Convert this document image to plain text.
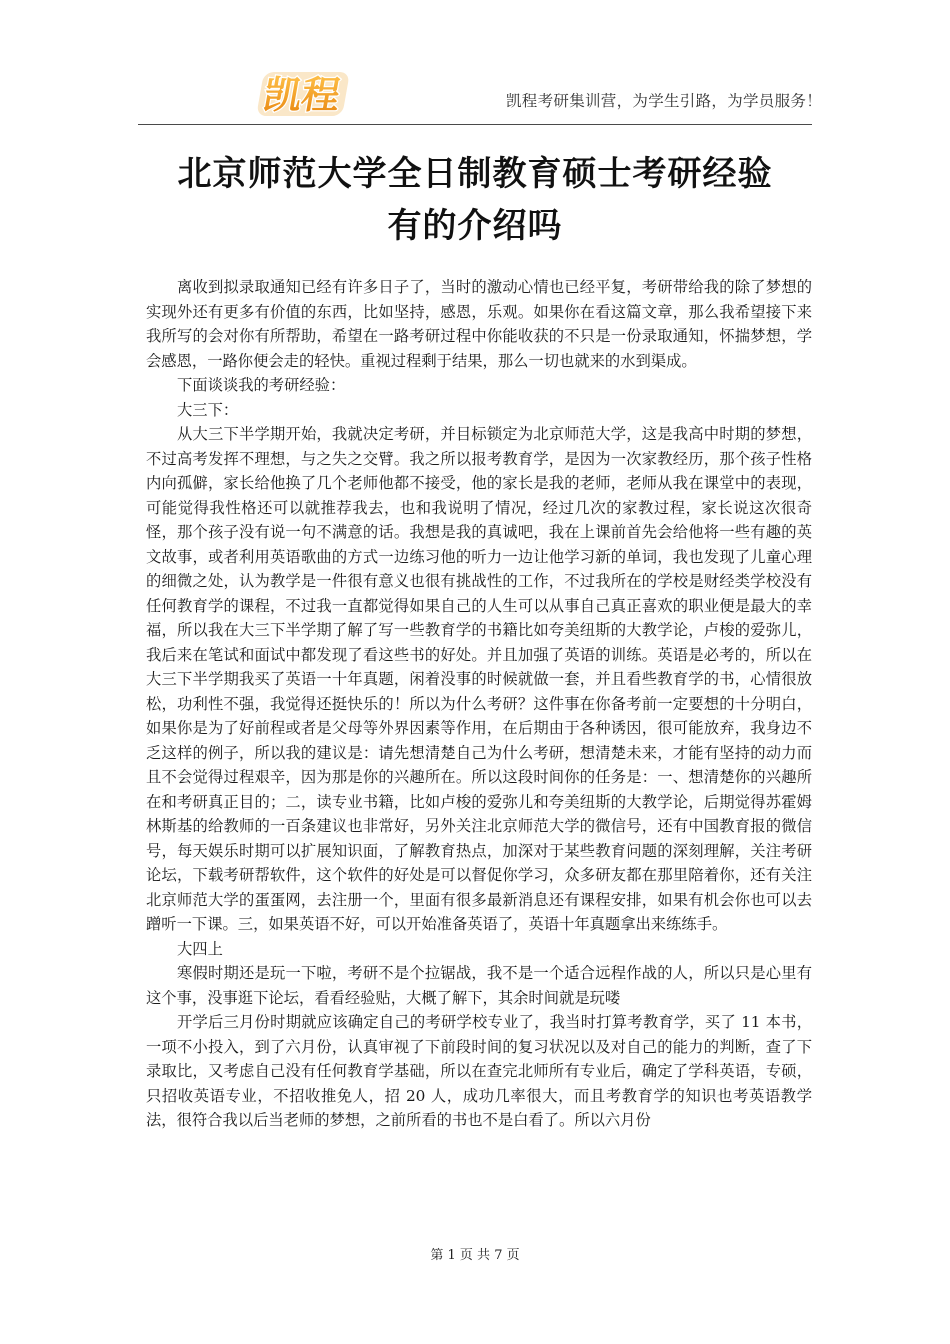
凯程	凯程考研集训营，为学生引路，为学员服务！
北京师范大学全日制教育硕士考研经验
有的介绍吗

离收到拟录取通知已经有许多日子了，当时的激动心情也已经平复，考研带给我的除了梦想的实现外还有更多有价值的东西，比如坚持，感恩，乐观。如果你在看这篇文章，那么我希望接下来我所写的会对你有所帮助，希望在一路考研过程中你能收获的不只是一份录取通知，怀揣梦想，学会感恩，一路你便会走的轻快。重视过程剩于结果，那么一切也就来的水到渠成。

下面谈谈我的考研经验：

大三下：

从大三下半学期开始，我就决定考研，并目标锁定为北京师范大学，这是我高中时期的梦想，不过高考发挥不理想，与之失之交臂。我之所以报考教育学，是因为一次家教经历，那个孩子性格内向孤僻，家长给他换了几个老师他都不接受，他的家长是我的老师，老师从我在课堂中的表现，可能觉得我性格还可以就推荐我去，也和我说明了情况，经过几次的家教过程，家长说这次很奇怪，那个孩子没有说一句不满意的话。我想是我的真诚吧，我在上课前首先会给他将一些有趣的英文故事，或者利用英语歌曲的方式一边练习他的听力一边让他学习新的单词，我也发现了儿童心理的细微之处，认为教学是一件很有意义也很有挑战性的工作，不过我所在的学校是财经类学校没有任何教育学的课程，不过我一直都觉得如果自己的人生可以从事自己真正喜欢的职业便是最大的幸福，所以我在大三下半学期了解了写一些教育学的书籍比如夸美纽斯的大教学论，卢梭的爱弥儿，我后来在笔试和面试中都发现了看这些书的好处。并且加强了英语的训练。英语是必考的，所以在大三下半学期我买了英语一十年真题，闲着没事的时候就做一套，并且看些教育学的书，心情很放松，功利性不强，我觉得还挺快乐的！所以为什么考研？这件事在你备考前一定要想的十分明白，如果你是为了好前程或者是父母等外界因素等作用，在后期由于各种诱因，很可能放弃，我身边不乏这样的例子，所以我的建议是：请先想清楚自己为什么考研，想清楚未来，才能有坚持的动力而且不会觉得过程艰辛，因为那是你的兴趣所在。所以这段时间你的任务是：一、想清楚你的兴趣所在和考研真正目的；二，读专业书籍，比如卢梭的爱弥儿和夸美纽斯的大教学论，后期觉得苏霍姆林斯基的给教师的一百条建议也非常好，另外关注北京师范大学的微信号，还有中国教育报的微信号，每天娱乐时期可以扩展知识面，了解教育热点，加深对于某些教育问题的深刻理解，关注考研论坛，下载考研帮软件，这个软件的好处是可以督促你学习，众多研友都在那里陪着你，还有关注北京师范大学的蛋蛋网，去注册一个，里面有很多最新消息还有课程安排，如果有机会你也可以去蹭听一下课。三，如果英语不好，可以开始准备英语了，英语十年真题拿出来练练手。

大四上

寒假时期还是玩一下啦，考研不是个拉锯战，我不是一个适合远程作战的人，所以只是心里有这个事，没事逛下论坛，看看经验贴，大概了解下，其余时间就是玩喽

开学后三月份时期就应该确定自己的考研学校专业了，我当时打算考教育学，买了 11 本书，一项不小投入，到了六月份，认真审视了下前段时间的复习状况以及对自己的能力的判断，查了下录取比，又考虑自己没有任何教育学基础，所以在查完北师所有专业后，确定了学科英语，专硕，只招收英语专业，不招收推免人，招 20 人，成功几率很大，而且考教育学的知识也考英语教学法，很符合我以后当老师的梦想，之前所看的书也不是白看了。所以六月份

第 1 页 共 7 页
